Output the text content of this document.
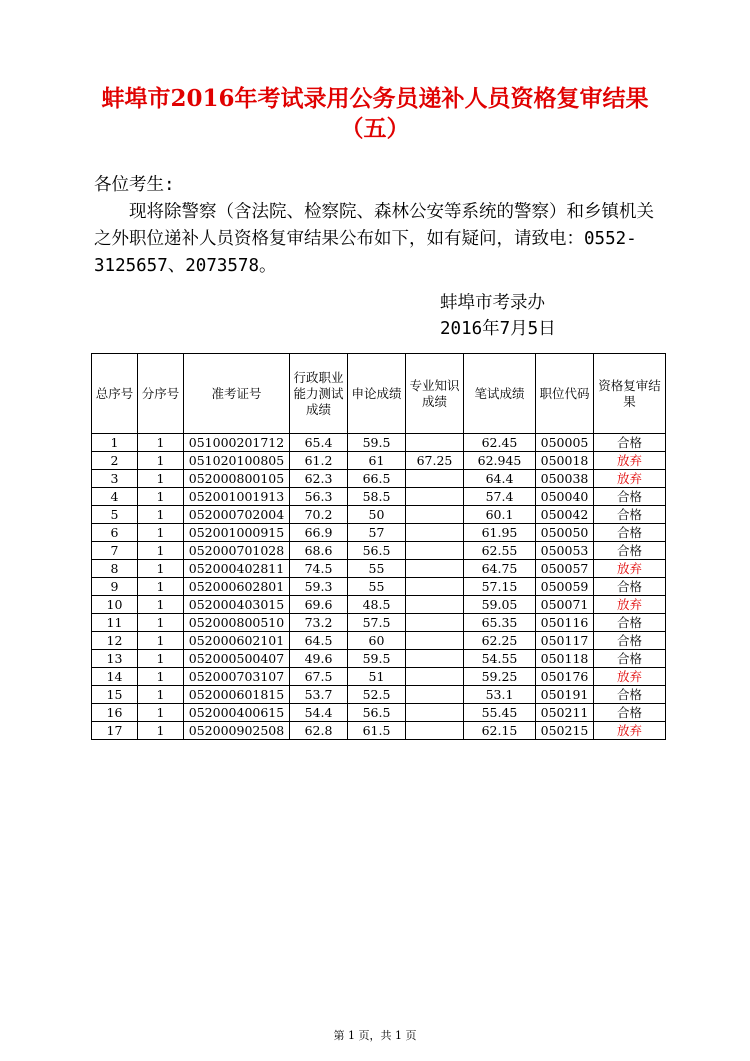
蚌埠市2016年考试录用公务员递补人员资格复审结果
（五）
各位考生:
现将除警察（含法院、检察院、森林公安等系统的警察）和乡镇机关之外职位递补人员资格复审结果公布如下，如有疑问，请致电：0552-3125657、2073578。
蚌埠市考录办
2016年7月5日
总序号	分序号	准考证号	行政职业能力测试成绩	申论成绩	专业知识成绩	笔试成绩	职位代码	资格复审结果
1	1	051000201712	65.4	59.5		62.45	050005	合格
2	1	051020100805	61.2	61	67.25	62.945	050018	放弃
3	1	052000800105	62.3	66.5		64.4	050038	放弃
4	1	052001001913	56.3	58.5		57.4	050040	合格
5	1	052000702004	70.2	50		60.1	050042	合格
6	1	052001000915	66.9	57		61.95	050050	合格
7	1	052000701028	68.6	56.5		62.55	050053	合格
8	1	052000402811	74.5	55		64.75	050057	放弃
9	1	052000602801	59.3	55		57.15	050059	合格
10	1	052000403015	69.6	48.5		59.05	050071	放弃
11	1	052000800510	73.2	57.5		65.35	050116	合格
12	1	052000602101	64.5	60		62.25	050117	合格
13	1	052000500407	49.6	59.5		54.55	050118	合格
14	1	052000703107	67.5	51		59.25	050176	放弃
15	1	052000601815	53.7	52.5		53.1	050191	合格
16	1	052000400615	54.4	56.5		55.45	050211	合格
17	1	052000902508	62.8	61.5		62.15	050215	放弃
第 1 页，共 1 页
